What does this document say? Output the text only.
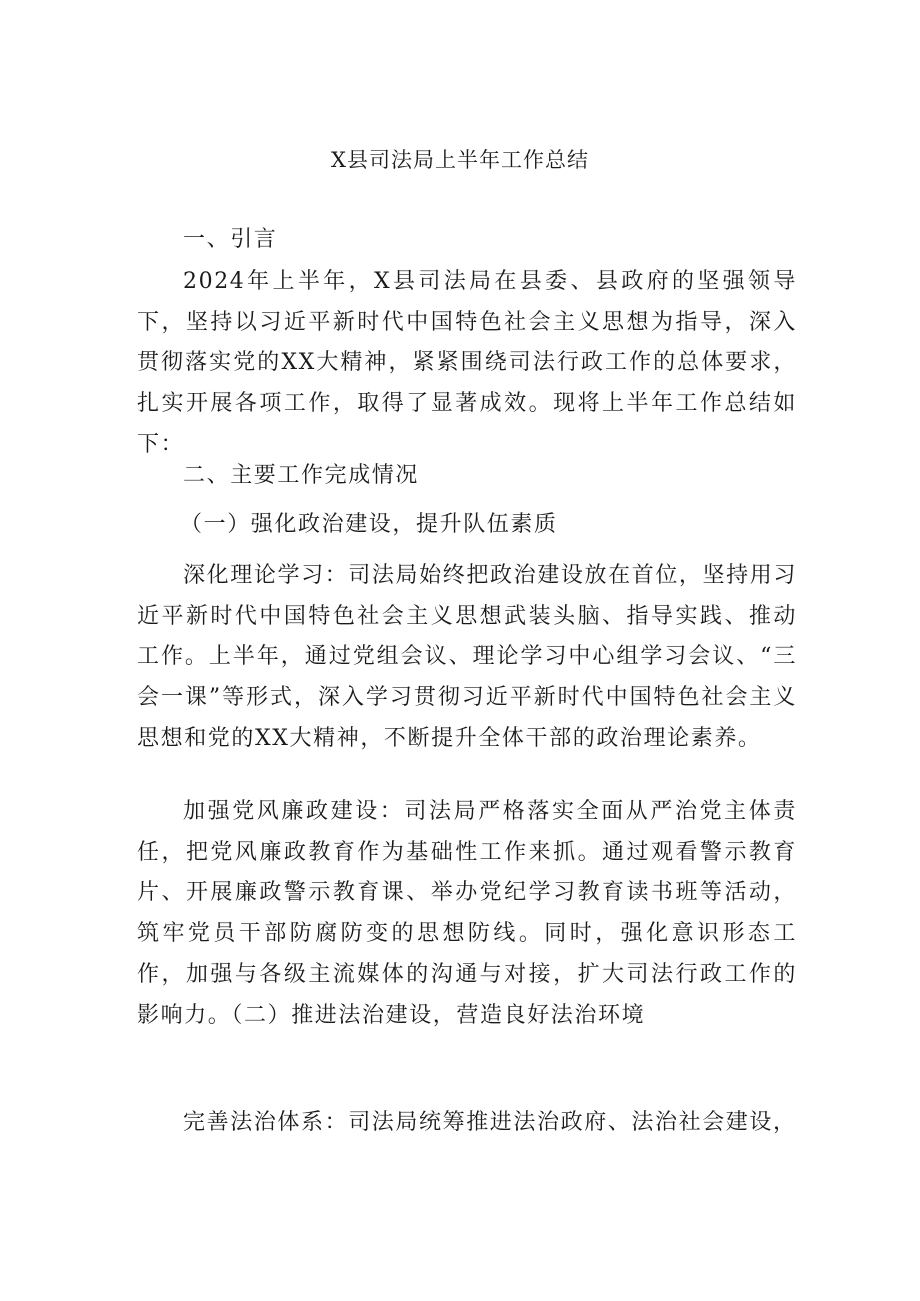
X县司法局上半年工作总结

一、引言

2024年上半年，X县司法局在县委、县政府的坚强领导下，坚持以习近平新时代中国特色社会主义思想为指导，深入贯彻落实党的XX大精神，紧紧围绕司法行政工作的总体要求，扎实开展各项工作，取得了显著成效。现将上半年工作总结如下：

二、主要工作完成情况

（一）强化政治建设，提升队伍素质

深化理论学习：司法局始终把政治建设放在首位，坚持用习近平新时代中国特色社会主义思想武装头脑、指导实践、推动工作。上半年，通过党组会议、理论学习中心组学习会议、“三会一课”等形式，深入学习贯彻习近平新时代中国特色社会主义思想和党的XX大精神，不断提升全体干部的政治理论素养。

加强党风廉政建设：司法局严格落实全面从严治党主体责任，把党风廉政教育作为基础性工作来抓。通过观看警示教育片、开展廉政警示教育课、举办党纪学习教育读书班等活动，筑牢党员干部防腐防变的思想防线。同时，强化意识形态工作，加强与各级主流媒体的沟通与对接，扩大司法行政工作的影响力。（二）推进法治建设，营造良好法治环境

完善法治体系：司法局统筹推进法治政府、法治社会建设，
